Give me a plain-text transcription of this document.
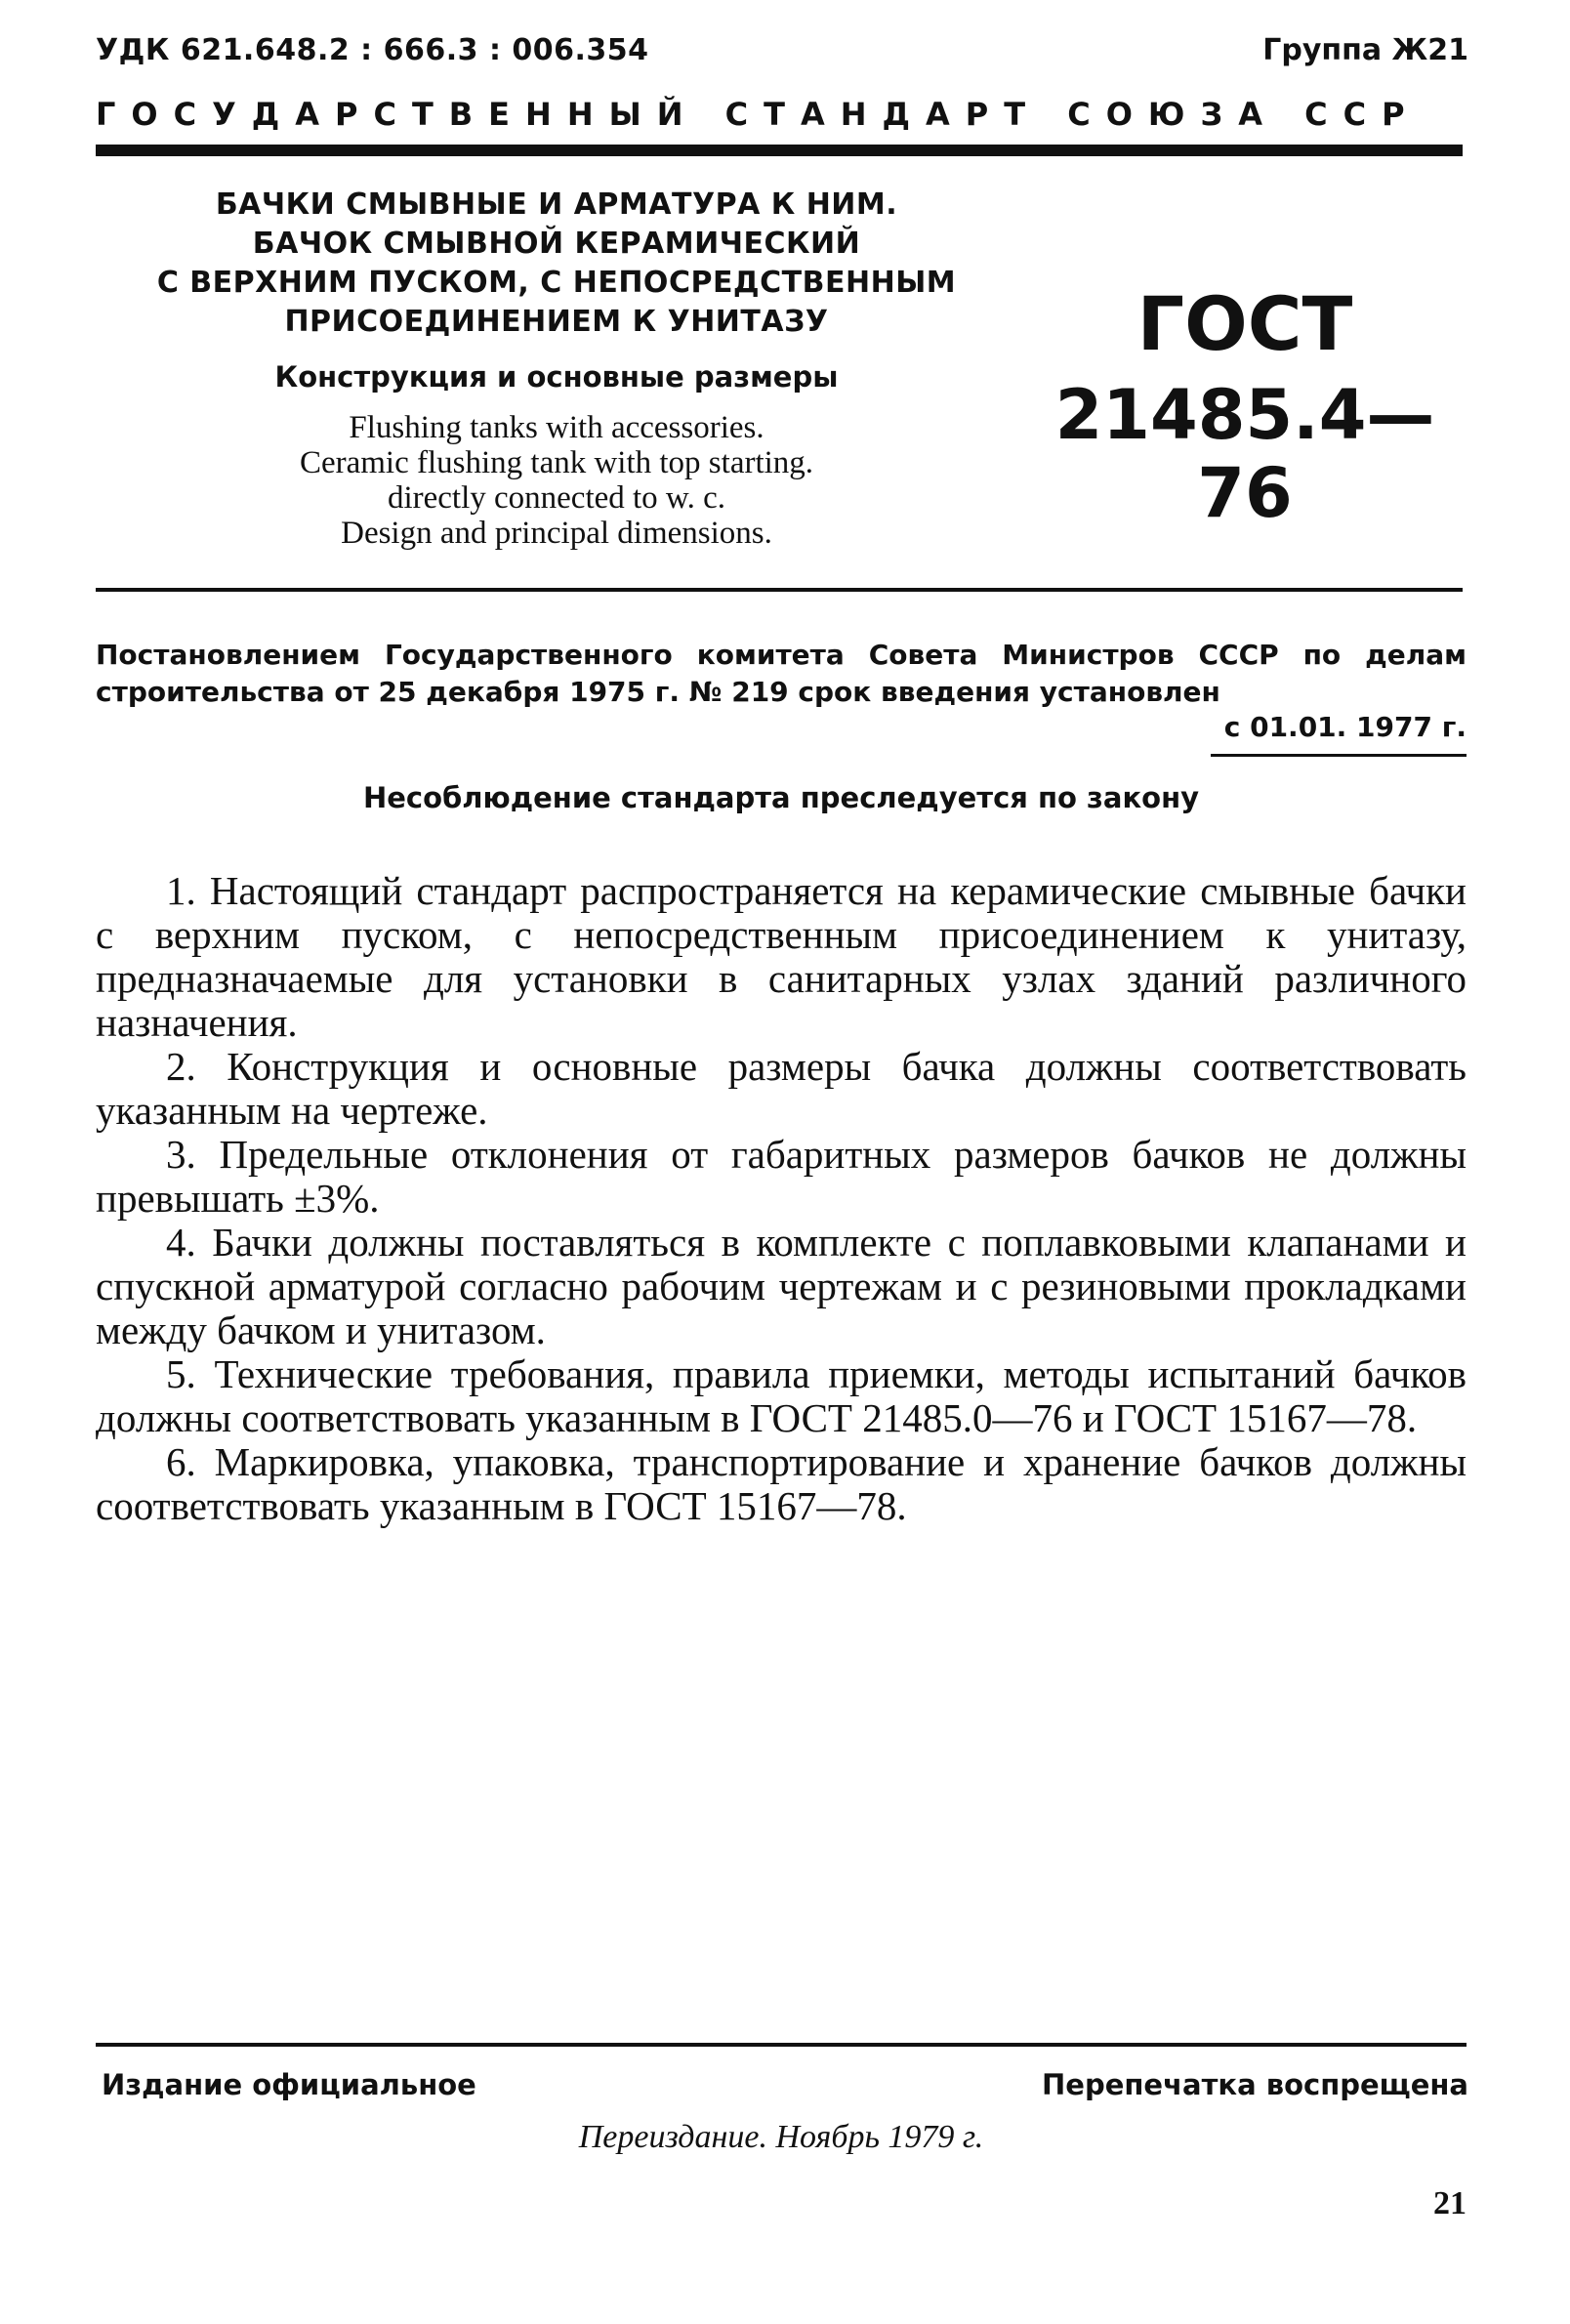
УДК 621.648.2 : 666.3 : 006.354	Группа Ж21
ГОСУДАРСТВЕННЫЙ СТАНДАРТ СОЮЗА ССР
БАЧКИ СМЫВНЫЕ И АРМАТУРА К НИМ.
БАЧОК СМЫВНОЙ КЕРАМИЧЕСКИЙ
С ВЕРХНИМ ПУСКОМ, С НЕПОСРЕДСТВЕННЫМ
ПРИСОЕДИНЕНИЕМ К УНИТАЗУ
Конструкция и основные размеры
Flushing tanks with accessories.
Ceramic flushing tank with top starting.
directly connected to w. c.
Design and principal dimensions.
ГОСТ
21485.4—76
Постановлением Государственного комитета Совета Министров СССР по делам строительства от 25 декабря 1975 г. № 219 срок введения установлен
с 01.01. 1977 г.
Несоблюдение стандарта преследуется по закону

1. Настоящий стандарт распространяется на керамические смывные бачки с верхним пуском, с непосредственным присоединением к унитазу, предназначаемые для установки в санитарных узлах зданий различного назначения.

2. Конструкция и основные размеры бачка должны соответствовать указанным на чертеже.

3. Предельные отклонения от габаритных размеров бачков не должны превышать ±3%.

4. Бачки должны поставляться в комплекте с поплавковыми клапанами и спускной арматурой согласно рабочим чертежам и с резиновыми прокладками между бачком и унитазом.

5. Технические требования, правила приемки, методы испытаний бачков должны соответствовать указанным в ГОСТ 21485.0—76 и ГОСТ 15167—78.

6. Маркировка, упаковка, транспортирование и хранение бачков должны соответствовать указанным в ГОСТ 15167—78.

Издание официальное	Перепечатка воспрещена
Переиздание. Ноябрь 1979 г.
21
